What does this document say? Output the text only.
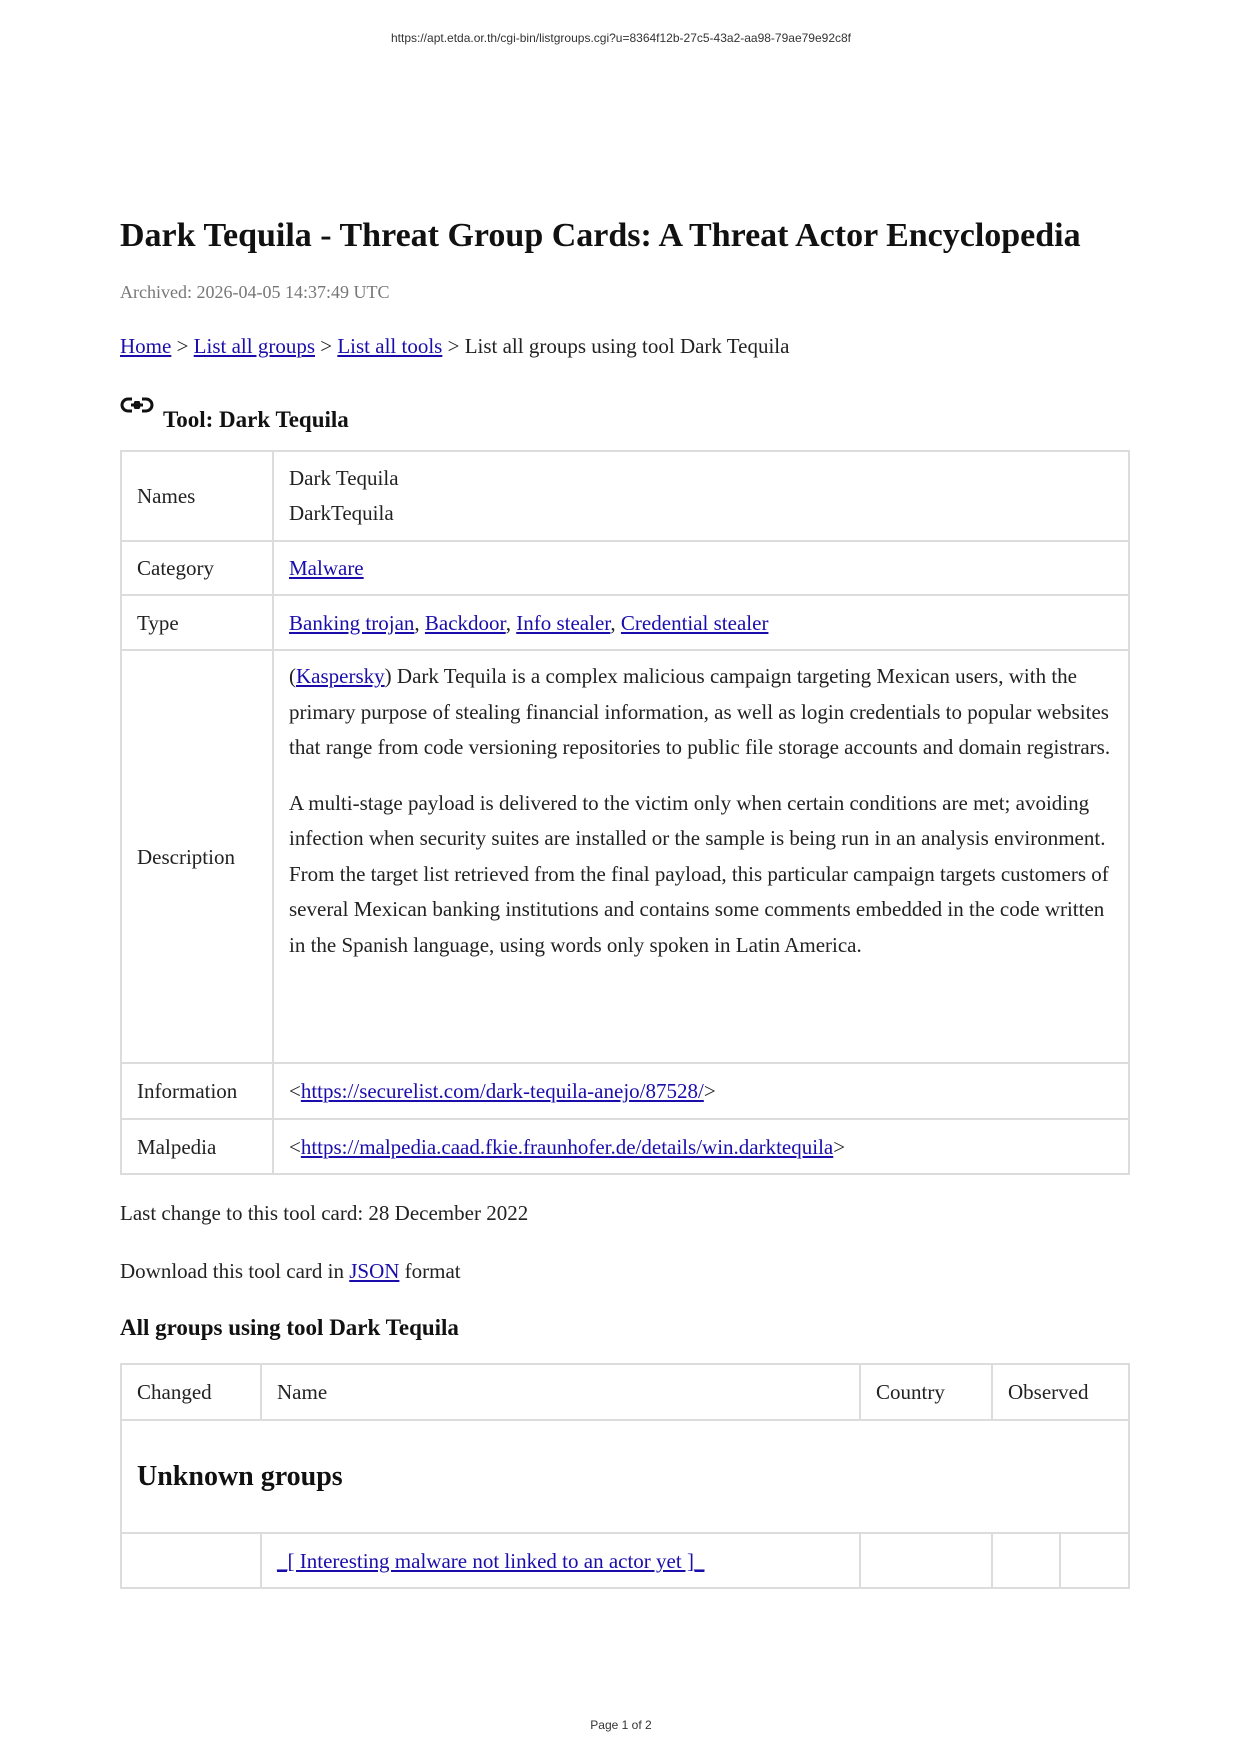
https://apt.etda.or.th/cgi-bin/listgroups.cgi?u=8364f12b-27c5-43a2-aa98-79ae79e92c8f
Dark Tequila - Threat Group Cards: A Threat Actor Encyclopedia
Archived: 2026-04-05 14:37:49 UTC
Home > List all groups > List all tools > List all groups using tool Dark Tequila
Tool: Dark Tequila
Names	Dark Tequila
DarkTequila

Category	Malware
Type	Banking trojan, Backdoor, Info stealer, Credential stealer
Description	(Kaspersky) Dark Tequila is a complex malicious campaign targeting Mexican users, with the primary purpose of stealing financial information, as well as login credentials to popular websites that range from code versioning repositories to public file storage accounts and domain registrars.

A multi-stage payload is delivered to the victim only when certain conditions are met; avoiding infection when security suites are installed or the sample is being run in an analysis environment. From the target list retrieved from the final payload, this particular campaign targets customers of several Mexican banking institutions and contains some comments embedded in the code written in the Spanish language, using words only spoken in Latin America.

Information	<https://securelist.com/dark-tequila-anejo/87528/>
Malpedia	<https://malpedia.caad.fkie.fraunhofer.de/details/win.darktequila>
Last change to this tool card: 28 December 2022
Download this tool card in JSON format
All groups using tool Dark Tequila
Changed	Name	Country	Observed	
Unknown groups				
	_[ Interesting malware not linked to an actor yet ]_			
Page 1 of 2
